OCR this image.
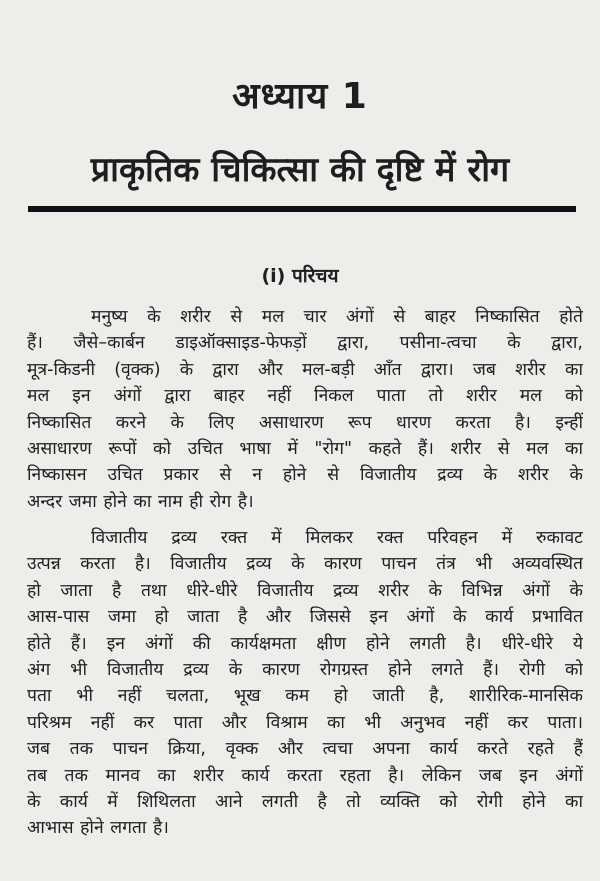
अध्याय 1
प्राकृतिक चिकित्सा की दृष्टि में रोग
(i) परिचय
मनुष्य के शरीर से मल चार अंगों से बाहर निष्कासित होते
हैं। जैसे–कार्बन डाइऑक्साइड-फेफड़ों द्वारा, पसीना-त्वचा के द्वारा,
मूत्र-किडनी (वृक्क) के द्वारा और मल-बड़ी आँत द्वारा। जब शरीर का
मल इन अंगों द्वारा बाहर नहीं निकल पाता तो शरीर मल को
निष्कासित करने के लिए असाधारण रूप धारण करता है। इन्हीं
असाधारण रूपों को उचित भाषा में "रोग" कहते हैं। शरीर से मल का
निष्कासन उचित प्रकार से न होने से विजातीय द्रव्य के शरीर के
अन्दर जमा होने का नाम ही रोग है।
विजातीय द्रव्य रक्त में मिलकर रक्त परिवहन में रुकावट
उत्पन्न करता है। विजातीय द्रव्य के कारण पाचन तंत्र भी अव्यवस्थित
हो जाता है तथा धीरे-धीरे विजातीय द्रव्य शरीर के विभिन्न अंगों के
आस-पास जमा हो जाता है और जिससे इन अंगों के कार्य प्रभावित
होते हैं। इन अंगों की कार्यक्षमता क्षीण होने लगती है। धीरे-धीरे ये
अंग भी विजातीय द्रव्य के कारण रोगग्रस्त होने लगते हैं। रोगी को
पता भी नहीं चलता, भूख कम हो जाती है, शारीरिक-मानसिक
परिश्रम नहीं कर पाता और विश्राम का भी अनुभव नहीं कर पाता।
जब तक पाचन क्रिया, वृक्क और त्वचा अपना कार्य करते रहते हैं
तब तक मानव का शरीर कार्य करता रहता है। लेकिन जब इन अंगों
के कार्य में शिथिलता आने लगती है तो व्यक्ति को रोगी होने का
आभास होने लगता है।
